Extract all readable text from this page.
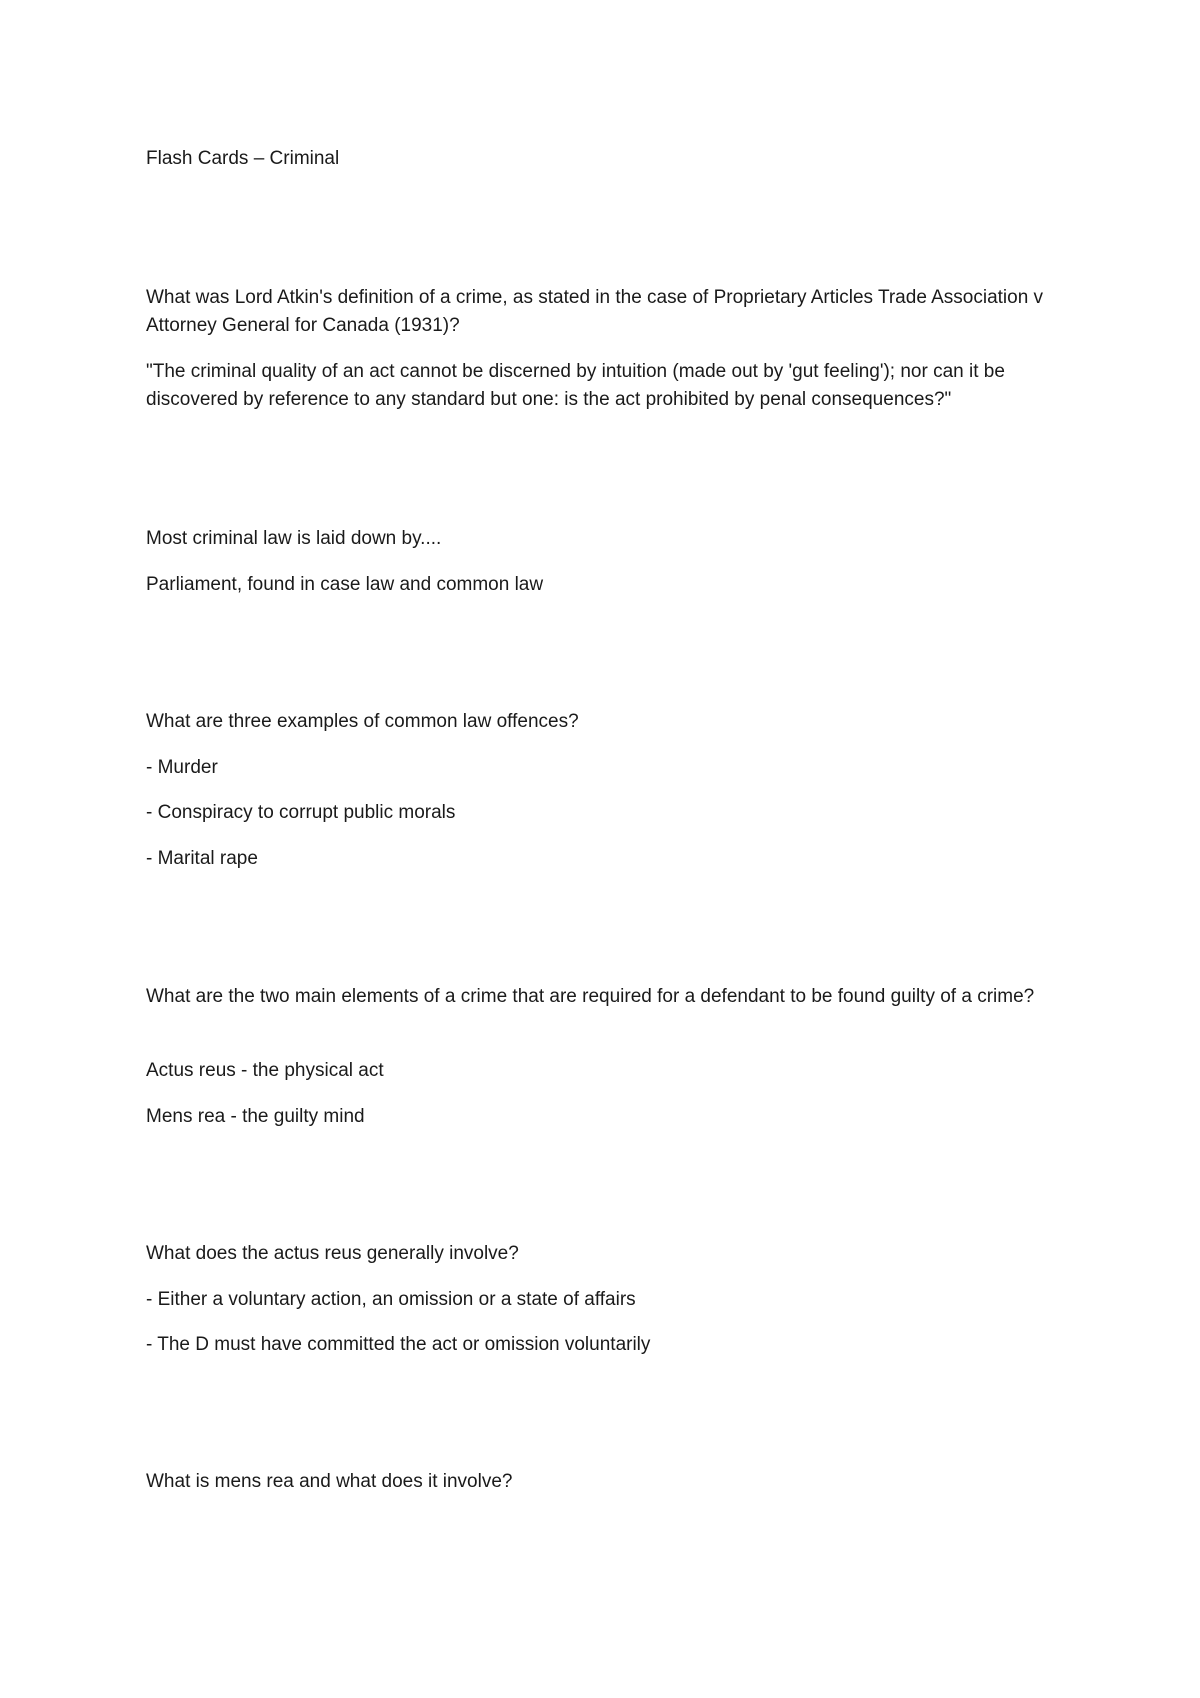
Flash Cards – Criminal

What was Lord Atkin's definition of a crime, as stated in the case of Proprietary Articles Trade Association v Attorney General for Canada (1931)?

"The criminal quality of an act cannot be discerned by intuition (made out by 'gut feeling'); nor can it be discovered by reference to any standard but one: is the act prohibited by penal consequences?"

Most criminal law is laid down by....

Parliament, found in case law and common law

What are three examples of common law offences?

- Murder

- Conspiracy to corrupt public morals

- Marital rape

What are the two main elements of a crime that are required for a defendant to be found guilty of a crime?

Actus reus - the physical act

Mens rea - the guilty mind

What does the actus reus generally involve?

- Either a voluntary action, an omission or a state of affairs

- The D must have committed the act or omission voluntarily

What is mens rea and what does it involve?
